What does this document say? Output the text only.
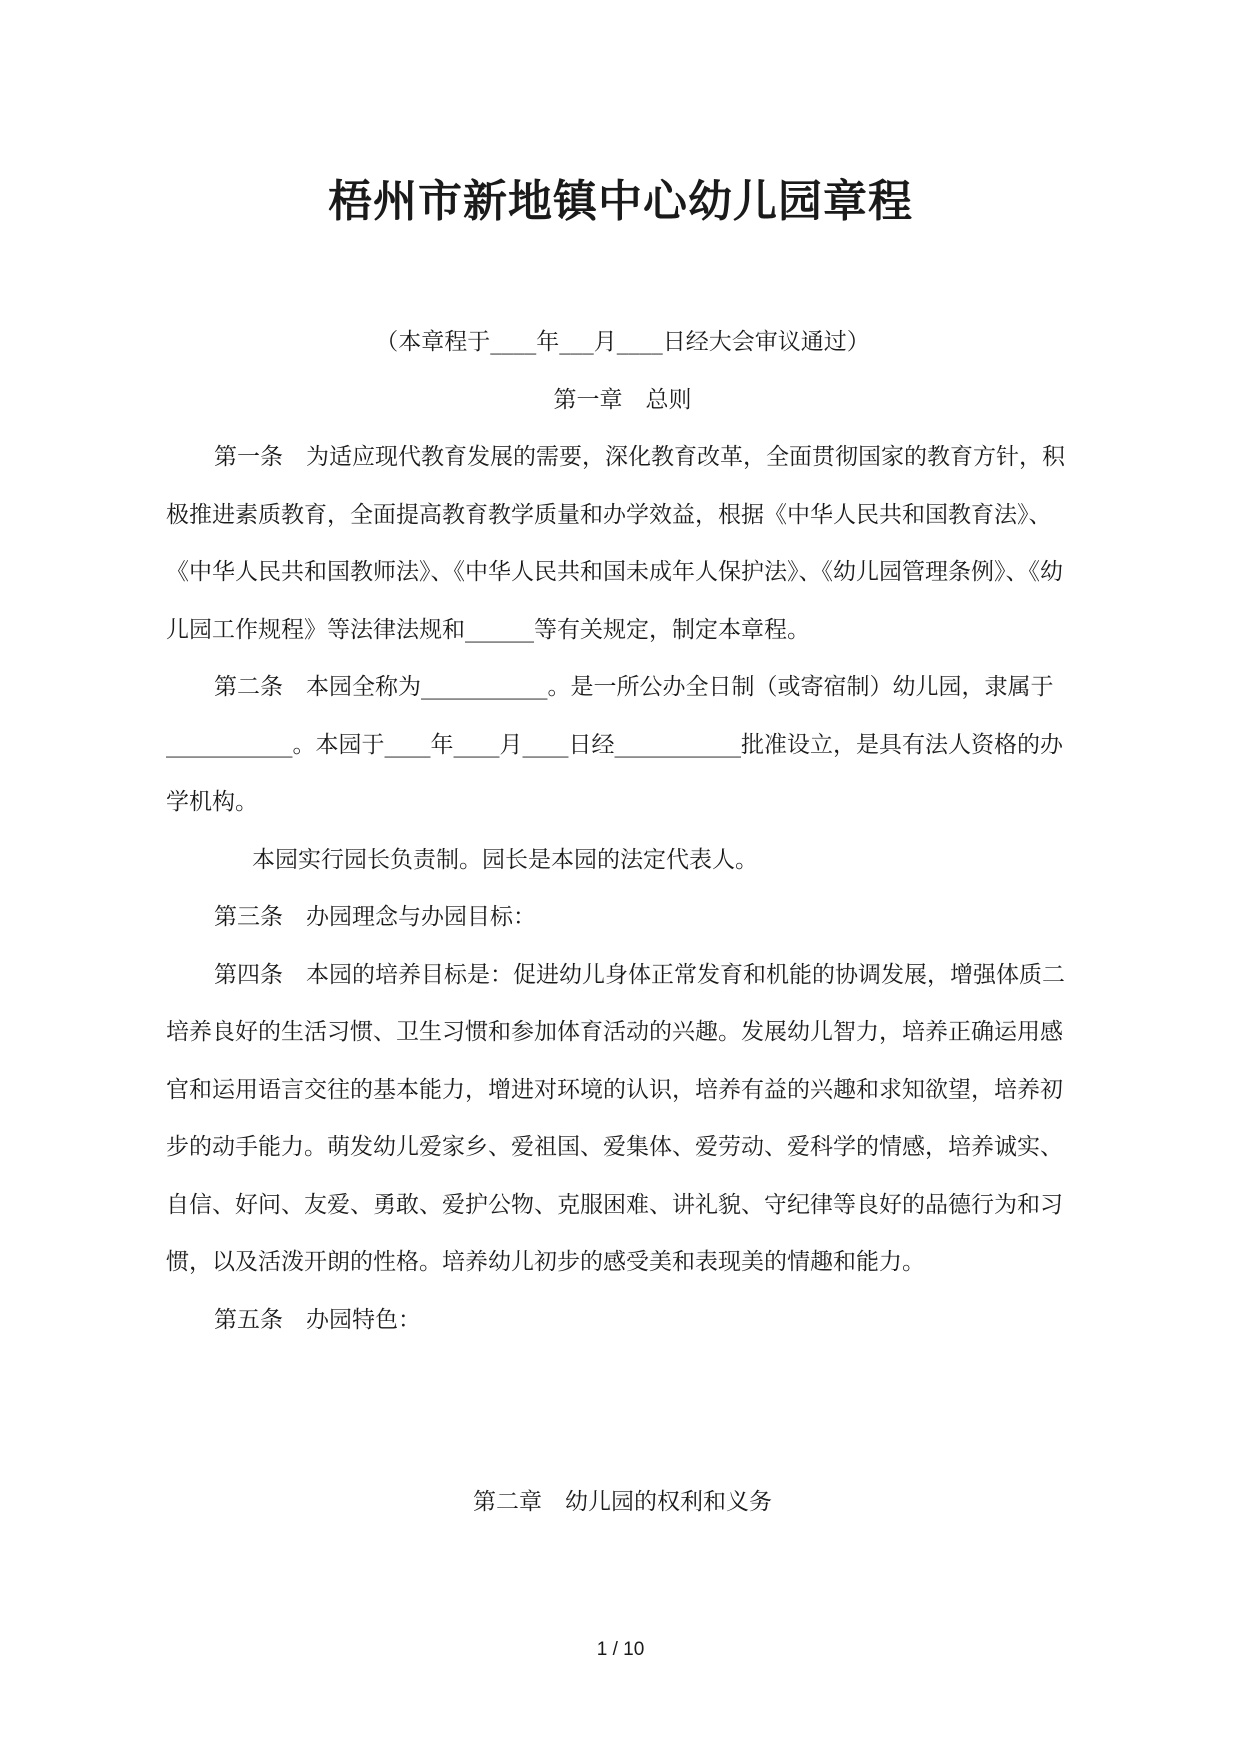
梧州市新地镇中心幼儿园章程

（本章程于____年___月____日经大会审议通过）

第一章　总则

第一条　为适应现代教育发展的需要，深化教育改革，全面贯彻国家的教育方针，积极推进素质教育，全面提高教育教学质量和办学效益，根据《中华人民共和国教育法》、《中华人民共和国教师法》、《中华人民共和国未成年人保护法》、《幼儿园管理条例》、《幼儿园工作规程》等法律法规和______等有关规定，制定本章程。

第二条　本园全称为___________。是一所公办全日制（或寄宿制）幼儿园，隶属于___________。本园于____年____月____日经___________批准设立，是具有法人资格的办学机构。

本园实行园长负责制。园长是本园的法定代表人。

第三条　办园理念与办园目标：

第四条　本园的培养目标是：促进幼儿身体正常发育和机能的协调发展，增强体质二培养良好的生活习惯、卫生习惯和参加体育活动的兴趣。发展幼儿智力，培养正确运用感官和运用语言交往的基本能力，增进对环境的认识，培养有益的兴趣和求知欲望，培养初步的动手能力。萌发幼儿爱家乡、爱祖国、爱集体、爱劳动、爱科学的情感，培养诚实、自信、好问、友爱、勇敢、爱护公物、克服困难、讲礼貌、守纪律等良好的品德行为和习惯，以及活泼开朗的性格。培养幼儿初步的感受美和表现美的情趣和能力。

第五条　办园特色：

第二章　幼儿园的权利和义务
1 / 10
